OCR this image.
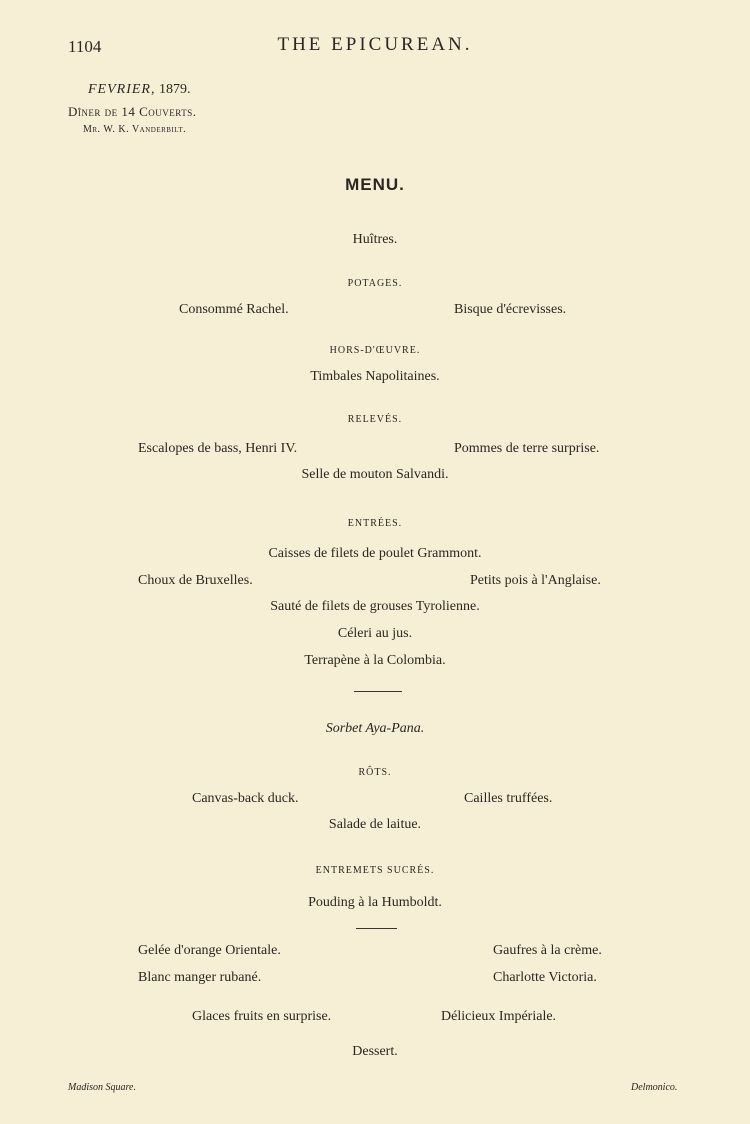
1104	THE EPICUREAN.
FEVRIER, 1879.
Dîner de 14 Couverts.
Mr. W. K. Vanderbilt.
MENU.
Huîtres.
POTAGES.
Consommé Rachel.	Bisque d'écrevisses.
HORS-D'ŒUVRE.
Timbales Napolitaines.
RELEVÉS.
Escalopes de bass, Henri IV.	Pommes de terre surprise.
Selle de mouton Salvandi.
ENTRÉES.
Caisses de filets de poulet Grammont.
Choux de Bruxelles.	Petits pois à l'Anglaise.
Sauté de filets de grouses Tyrolienne.
Céleri au jus.
Terrapène à la Colombia.
Sorbet Aya-Pana.
RÔTS.
Canvas-back duck.	Cailles truffées.
Salade de laitue.
ENTREMETS SUCRÉS.
Pouding à la Humboldt.
Gelée d'orange Orientale.	Gaufres à la crème.
Blanc manger rubané.	Charlotte Victoria.
Glaces fruits en surprise.	Délicieux Impériale.
Dessert.
Madison Square.	Delmonico.
